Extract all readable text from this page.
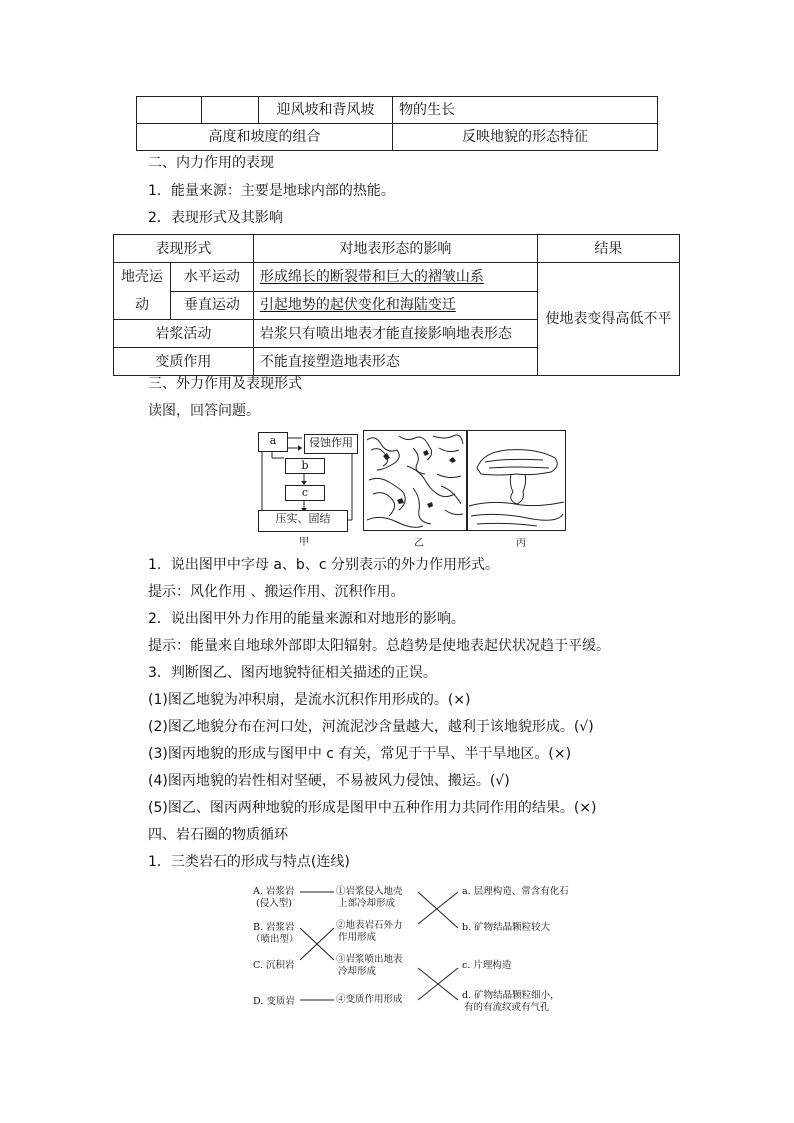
		迎风坡和背风坡	物的生长
高度和坡度的组合			反映地貌的形态特征
二、内力作用的表现
1．能量来源：主要是地球内部的热能。
2．表现形式及其影响
表现形式		对地表形态的影响	结果

地壳运
动	水平运动	形成绵长的断裂带和巨大的褶皱山系	使地表变得高低不平
	垂直运动	引起地势的起伏变化和海陆变迁	
岩浆活动		岩浆只有喷出地表才能直接影响地表形态	
变质作用		不能直接塑造地表形态	
三、外力作用及表现形式
读图，回答问题。
a	侵蚀作用
b
c
压实、固结
甲	乙	丙
1．说出图甲中字母 a、b、c 分别表示的外力作用形式。
提示：风化作用 、搬运作用、沉积作用。
2．说出图甲外力作用的能量来源和对地形的影响。
提示：能量来自地球外部即太阳辐射。总趋势是使地表起伏状况趋于平缓。
3．判断图乙、图丙地貌特征相关描述的正误。
(1)图乙地貌为冲积扇，是流水沉积作用形成的。(×)
(2)图乙地貌分布在河口处，河流泥沙含量越大，越利于该地貌形成。(√)
(3)图丙地貌的形成与图甲中 c 有关，常见于干旱、半干旱地区。(×)
(4)图丙地貌的岩性相对坚硬，不易被风力侵蚀、搬运。(√)
(5)图乙、图丙两种地貌的形成是图甲中五种作用力共同作用的结果。(×)
四、岩石圈的物质循环
1．三类岩石的形成与特点(连线)
A. 岩浆岩
(侵入型)
B. 岩浆岩
（喷出型）
C. 沉积岩
D. 变质岩
①岩浆侵入地壳
上部冷却形成
②地表岩石外力
作用形成
③岩浆喷出地表
冷却形成
④变质作用形成
a. 层理构造、常含有化石
b. 矿物结晶颗粒较大
c. 片理构造
d. 矿物结晶颗粒细小，
有的有流纹或有气孔
